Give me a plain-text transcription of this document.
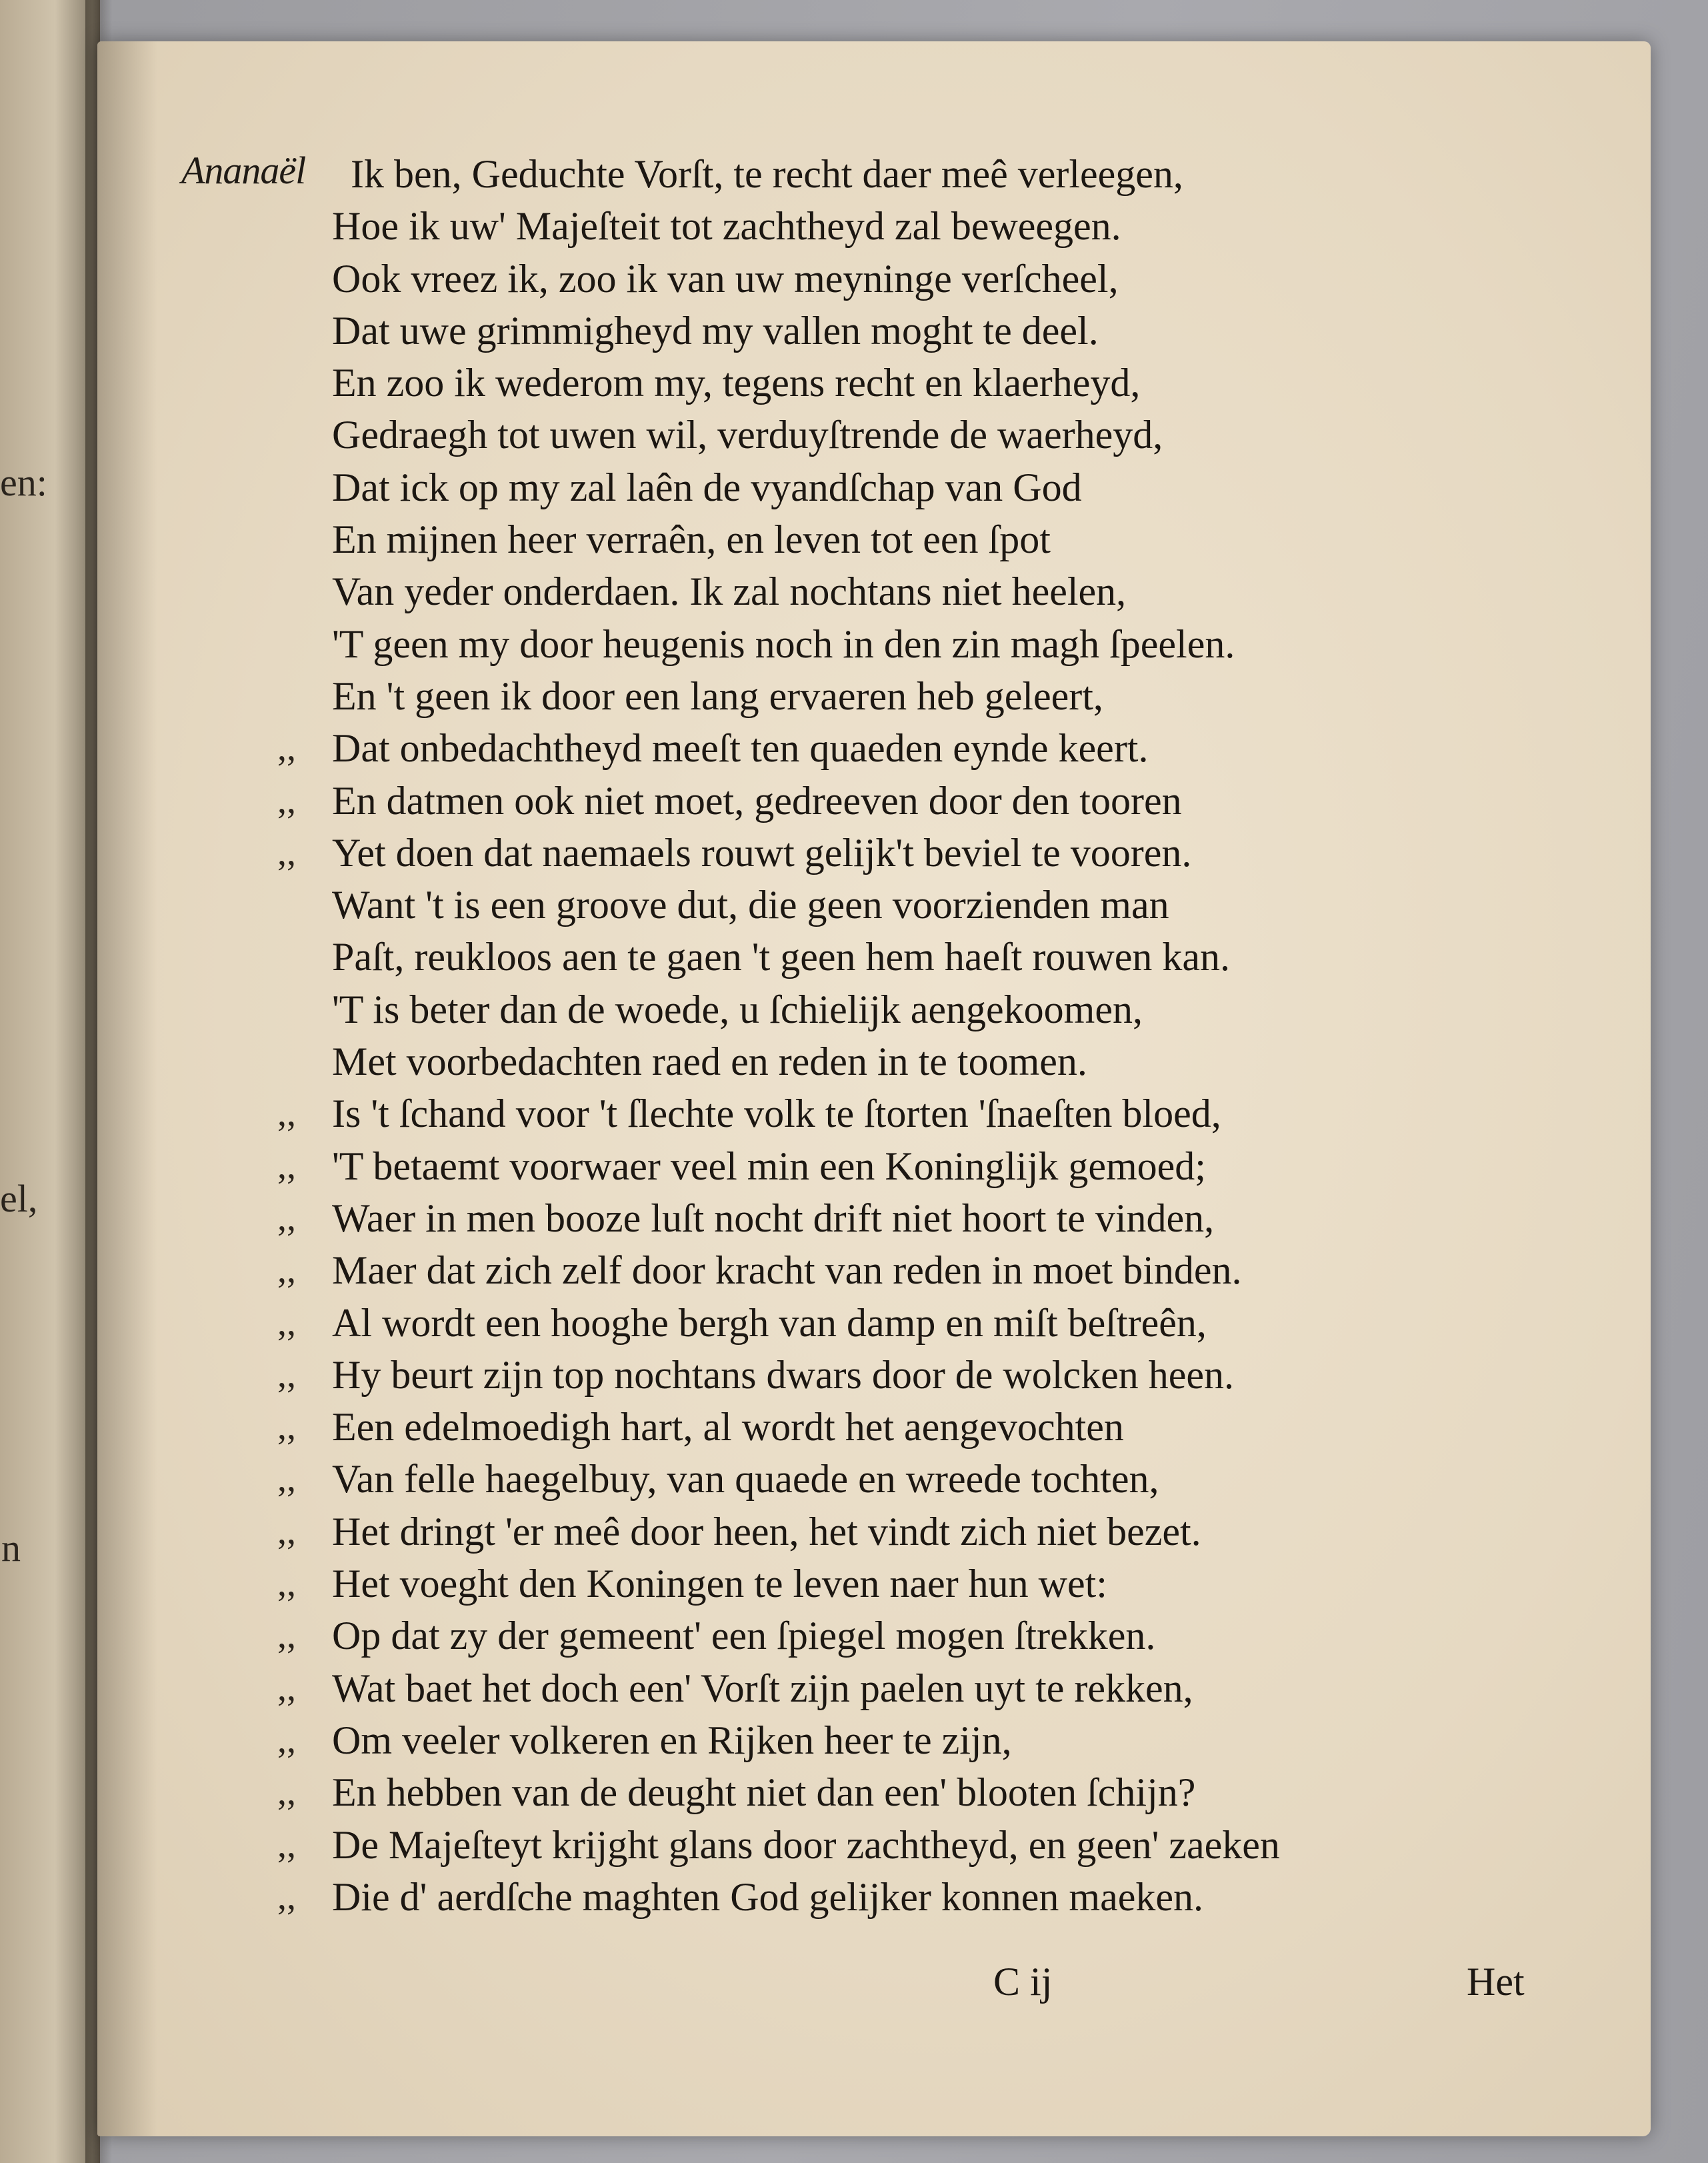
en:
el,
n
Ananaël Ik ben, Geduchte Vorſt, te recht daer meê verleegen,
Hoe ik uw' Majeſteit tot zachtheyd zal beweegen.
Ook vreez ik, zoo ik van uw meyninge verſcheel,
Dat uwe grimmigheyd my vallen moght te deel.
En zoo ik wederom my, tegens recht en klaerheyd,
Gedraegh tot uwen wil, verduyſtrende de waerheyd,
Dat ick op my zal laên de vyandſchap van God
En mijnen heer verraên, en leven tot een ſpot
Van yeder onderdaen. Ik zal nochtans niet heelen,
'T geen my door heugenis noch in den zin magh ſpeelen.
En 't geen ik door een lang ervaeren heb geleert,
,, Dat onbedachtheyd meeſt ten quaeden eynde keert.
,, En datmen ook niet moet, gedreeven door den tooren
,, Yet doen dat naemaels rouwt gelijk't beviel te vooren.
Want 't is een groove dut, die geen voorzienden man
Paſt, reukloos aen te gaen 't geen hem haeſt rouwen kan.
'T is beter dan de woede, u ſchielijk aengekoomen,
Met voorbedachten raed en reden in te toomen.
,, Is 't ſchand voor 't ſlechte volk te ſtorten 'ſnaeſten bloed,
,, 'T betaemt voorwaer veel min een Koninglijk gemoed;
,, Waer in men booze luſt nocht drift niet hoort te vinden,
,, Maer dat zich zelf door kracht van reden in moet binden.
,, Al wordt een hooghe bergh van damp en miſt beſtreên,
,, Hy beurt zijn top nochtans dwars door de wolcken heen.
,, Een edelmoedigh hart, al wordt het aengevochten
,, Van felle haegelbuy, van quaede en wreede tochten,
,, Het dringt 'er meê door heen, het vindt zich niet bezet.
,, Het voeght den Koningen te leven naer hun wet:
,, Op dat zy der gemeent' een ſpiegel mogen ſtrekken.
,, Wat baet het doch een' Vorſt zijn paelen uyt te rekken,
,, Om veeler volkeren en Rijken heer te zijn,
,, En hebben van de deught niet dan een' blooten ſchijn?
,, De Majeſteyt krijght glans door zachtheyd, en geen' zaeken
,, Die d' aerdſche maghten God gelijker konnen maeken.
C ij	Het
